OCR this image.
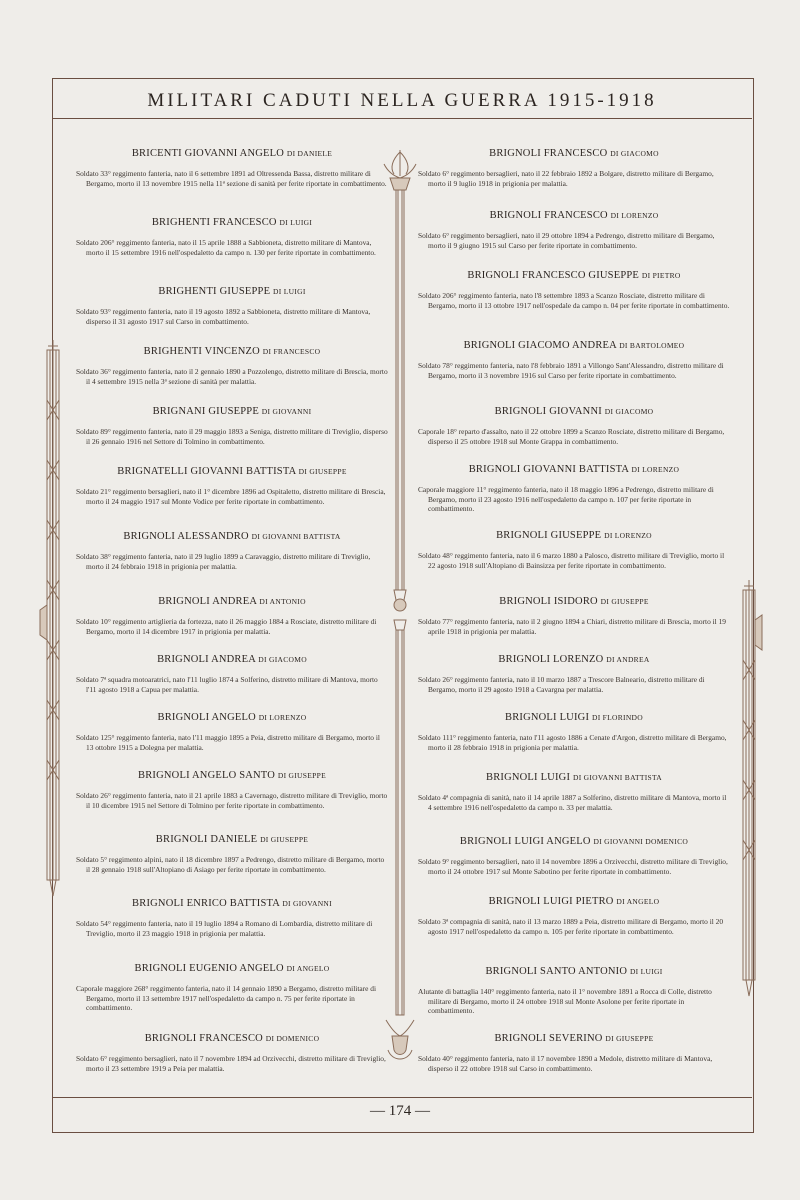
MILITARI CADUTI NELLA GUERRA 1915-1918
BRICENTI GIOVANNI ANGELO DI DANIELE
Soldato 33° reggimento fanteria, nato il 6 settembre 1891 ad Oltressenda Bassa, distretto militare di Bergamo, morto il 13 novembre 1915 nella 11ª sezione di sanità per ferite riportate in combattimento.
BRIGHENTI FRANCESCO DI LUIGI
Soldato 206° reggimento fanteria, nato il 15 aprile 1888 a Sabbioneta, distretto militare di Mantova, morto il 15 settembre 1916 nell'ospedaletto da campo n. 130 per ferite riportate in combattimento.
BRIGHENTI GIUSEPPE DI LUIGI
Soldato 93° reggimento fanteria, nato il 19 agosto 1892 a Sabbioneta, distretto militare di Mantova, disperso il 31 agosto 1917 sul Carso in combattimento.
BRIGHENTI VINCENZO DI FRANCESCO
Soldato 36° reggimento fanteria, nato il 2 gennaio 1890 a Pozzolengo, distretto militare di Brescia, morto il 4 settembre 1915 nella 3ª sezione di sanità per malattia.
BRIGNANI GIUSEPPE DI GIOVANNI
Soldato 89° reggimento fanteria, nato il 29 maggio 1893 a Seniga, distretto militare di Treviglio, disperso il 26 gennaio 1916 nel Settore di Tolmino in combattimento.
BRIGNATELLI GIOVANNI BATTISTA DI GIUSEPPE
Soldato 21° reggimento bersaglieri, nato il 1° dicembre 1896 ad Ospitaletto, distretto militare di Brescia, morto il 24 maggio 1917 sul Monte Vodice per ferite riportate in combattimento.
BRIGNOLI ALESSANDRO DI GIOVANNI BATTISTA
Soldato 38° reggimento fanteria, nato il 29 luglio 1899 a Caravaggio, distretto militare di Treviglio, morto il 24 febbraio 1918 in prigionia per malattia.
BRIGNOLI ANDREA DI ANTONIO
Soldato 10° reggimento artiglieria da fortezza, nato il 26 maggio 1884 a Rosciate, distretto militare di Bergamo, morto il 14 dicembre 1917 in prigionia per malattia.
BRIGNOLI ANDREA DI GIACOMO
Soldato 7ª squadra motoaratrici, nato l'11 luglio 1874 a Solferino, distretto militare di Mantova, morto l'11 agosto 1918 a Capua per malattia.
BRIGNOLI ANGELO DI LORENZO
Soldato 125° reggimento fanteria, nato l'11 maggio 1895 a Peia, distretto militare di Bergamo, morto il 13 ottobre 1915 a Dolegna per malattia.
BRIGNOLI ANGELO SANTO DI GIUSEPPE
Soldato 26° reggimento fanteria, nato il 21 aprile 1883 a Cavernago, distretto militare di Treviglio, morto il 10 dicembre 1915 nel Settore di Tolmino per ferite riportate in combattimento.
BRIGNOLI DANIELE DI GIUSEPPE
Soldato 5° reggimento alpini, nato il 18 dicembre 1897 a Pedrengo, distretto militare di Bergamo, morto il 28 gennaio 1918 sull'Altopiano di Asiago per ferite riportate in combattimento.
BRIGNOLI ENRICO BATTISTA DI GIOVANNI
Soldato 54° reggimento fanteria, nato il 19 luglio 1894 a Romano di Lombardia, distretto militare di Treviglio, morto il 23 maggio 1918 in prigionia per malattia.
BRIGNOLI EUGENIO ANGELO DI ANGELO
Caporale maggiore 268° reggimento fanteria, nato il 14 gennaio 1890 a Bergamo, distretto militare di Bergamo, morto il 13 settembre 1917 nell'ospedaletto da campo n. 75 per ferite riportate in combattimento.
BRIGNOLI FRANCESCO DI DOMENICO
Soldato 6° reggimento bersaglieri, nato il 7 novembre 1894 ad Orzivecchi, distretto militare di Treviglio, morto il 23 settembre 1919 a Peia per malattia.
BRIGNOLI FRANCESCO DI GIACOMO
Soldato 6° reggimento bersaglieri, nato il 22 febbraio 1892 a Bolgare, distretto militare di Bergamo, morto il 9 luglio 1918 in prigionia per malattia.
BRIGNOLI FRANCESCO DI LORENZO
Soldato 6° reggimento bersaglieri, nato il 29 ottobre 1894 a Pedrengo, distretto militare di Bergamo, morto il 9 giugno 1915 sul Carso per ferite riportate in combattimento.
BRIGNOLI FRANCESCO GIUSEPPE DI PIETRO
Soldato 206° reggimento fanteria, nato l'8 settembre 1893 a Scanzo Rosciate, distretto militare di Bergamo, morto il 13 ottobre 1917 nell'ospedale da campo n. 04 per ferite riportate in combattimento.
BRIGNOLI GIACOMO ANDREA DI BARTOLOMEO
Soldato 78° reggimento fanteria, nato l'8 febbraio 1891 a Villongo Sant'Alessandro, distretto militare di Bergamo, morto il 3 novembre 1916 sul Carso per ferite riportate in combattimento.
BRIGNOLI GIOVANNI DI GIACOMO
Caporale 18° reparto d'assalto, nato il 22 ottobre 1899 a Scanzo Rosciate, distretto militare di Bergamo, disperso il 25 ottobre 1918 sul Monte Grappa in combattimento.
BRIGNOLI GIOVANNI BATTISTA DI LORENZO
Caporale maggiore 11° reggimento fanteria, nato il 18 maggio 1896 a Pedrengo, distretto militare di Bergamo, morto il 23 agosto 1916 nell'ospedaletto da campo n. 107 per ferite riportate in combattimento.
BRIGNOLI GIUSEPPE DI LORENZO
Soldato 48° reggimento fanteria, nato il 6 marzo 1880 a Palosco, distretto militare di Treviglio, morto il 22 agosto 1918 sull'Altopiano di Bainsizza per ferite riportate in combattimento.
BRIGNOLI ISIDORO DI GIUSEPPE
Soldato 77° reggimento fanteria, nato il 2 giugno 1894 a Chiari, distretto militare di Brescia, morto il 19 aprile 1918 in prigionia per malattia.
BRIGNOLI LORENZO DI ANDREA
Soldato 26° reggimento fanteria, nato il 10 marzo 1887 a Trescore Balneario, distretto militare di Bergamo, morto il 29 agosto 1918 a Cavargna per malattia.
BRIGNOLI LUIGI DI FLORINDO
Soldato 111° reggimento fanteria, nato l'11 agosto 1886 a Cenate d'Argon, distretto militare di Bergamo, morto il 28 febbraio 1918 in prigionia per malattia.
BRIGNOLI LUIGI DI GIOVANNI BATTISTA
Soldato 4ª compagnia di sanità, nato il 14 aprile 1887 a Solferino, distretto militare di Mantova, morto il 4 settembre 1916 nell'ospedaletto da campo n. 33 per malattia.
BRIGNOLI LUIGI ANGELO DI GIOVANNI DOMENICO
Soldato 9° reggimento bersaglieri, nato il 14 novembre 1896 a Orzivecchi, distretto militare di Treviglio, morto il 24 ottobre 1917 sul Monte Sabotino per ferite riportate in combattimento.
BRIGNOLI LUIGI PIETRO DI ANGELO
Soldato 3ª compagnia di sanità, nato il 13 marzo 1889 a Peia, distretto militare di Bergamo, morto il 20 agosto 1917 nell'ospedaletto da campo n. 105 per ferite riportate in combattimento.
BRIGNOLI SANTO ANTONIO DI LUIGI
Alutante di battaglia 140° reggimento fanteria, nato il 1° novembre 1891 a Rocca di Colle, distretto militare di Bergamo, morto il 24 ottobre 1918 sul Monte Asolone per ferite riportate in combattimento.
BRIGNOLI SEVERINO DI GIUSEPPE
Soldato 40° reggimento fanteria, nato il 17 novembre 1890 a Medole, distretto militare di Mantova, disperso il 22 ottobre 1918 sul Carso in combattimento.
— 174 —
